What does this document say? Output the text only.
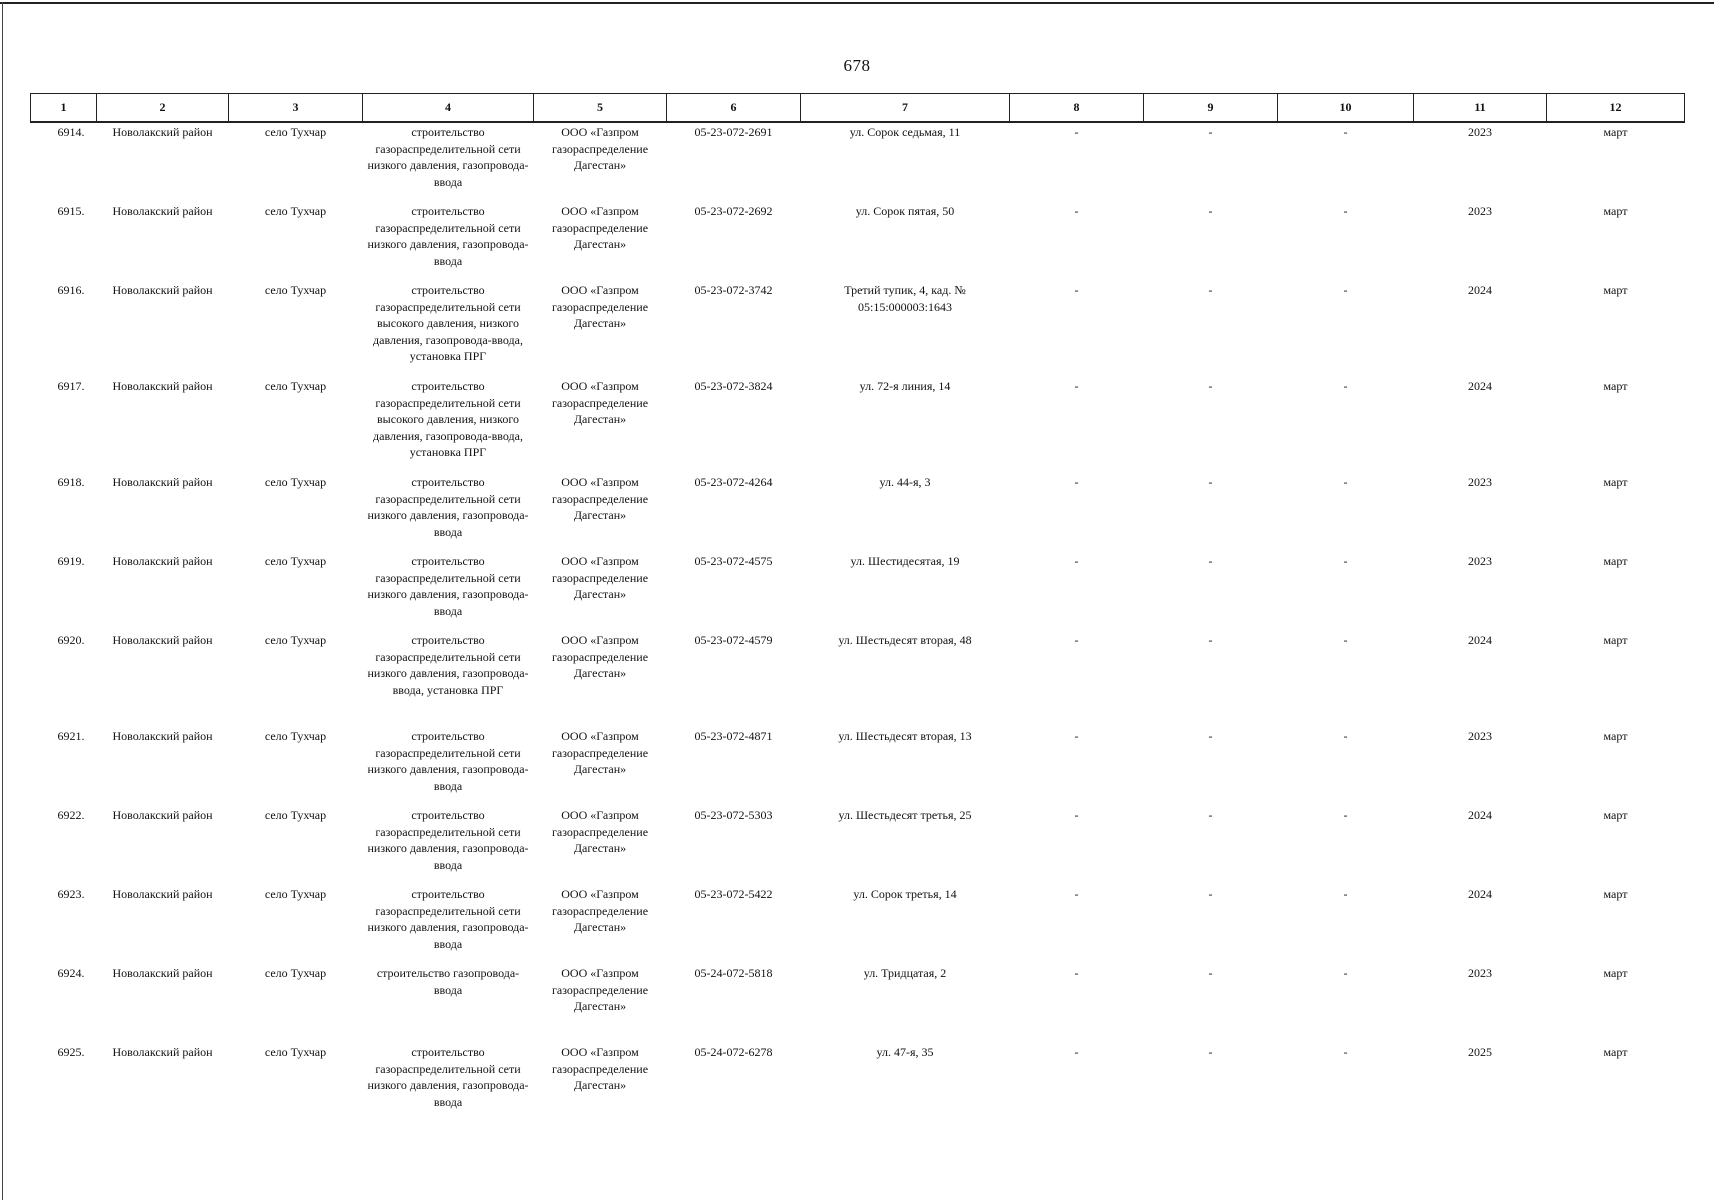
678
1	2	3	4	5	6	7	8	9	10	11	12
6914.	Новолакский район	село Тухчар	строительство газораспределительной сети низкого давления, газопровода-ввода	ООО «Газпром газораспределение Дагестан»	05-23-072-2691	ул. Сорок седьмая, 11	-	-	-	2023	март
6915.	Новолакский район	село Тухчар	строительство газораспределительной сети низкого давления, газопровода-ввода	ООО «Газпром газораспределение Дагестан»	05-23-072-2692	ул. Сорок пятая, 50	-	-	-	2023	март
6916.	Новолакский район	село Тухчар	строительство газораспределительной сети высокого давления, низкого давления, газопровода-ввода, установка ПРГ	ООО «Газпром газораспределение Дагестан»	05-23-072-3742	Третий тупик, 4, кад. № 05:15:000003:1643	-	-	-	2024	март
6917.	Новолакский район	село Тухчар	строительство газораспределительной сети высокого давления, низкого давления, газопровода-ввода, установка ПРГ	ООО «Газпром газораспределение Дагестан»	05-23-072-3824	ул. 72-я линия, 14	-	-	-	2024	март
6918.	Новолакский район	село Тухчар	строительство газораспределительной сети низкого давления, газопровода-ввода	ООО «Газпром газораспределение Дагестан»	05-23-072-4264	ул. 44-я, 3	-	-	-	2023	март
6919.	Новолакский район	село Тухчар	строительство газораспределительной сети низкого давления, газопровода-ввода	ООО «Газпром газораспределение Дагестан»	05-23-072-4575	ул. Шестидесятая, 19	-	-	-	2023	март
6920.	Новолакский район	село Тухчар	строительство газораспределительной сети низкого давления, газопровода-ввода, установка ПРГ	ООО «Газпром газораспределение Дагестан»	05-23-072-4579	ул. Шестьдесят вторая, 48	-	-	-	2024	март
6921.	Новолакский район	село Тухчар	строительство газораспределительной сети низкого давления, газопровода-ввода	ООО «Газпром газораспределение Дагестан»	05-23-072-4871	ул. Шестьдесят вторая, 13	-	-	-	2023	март
6922.	Новолакский район	село Тухчар	строительство газораспределительной сети низкого давления, газопровода-ввода	ООО «Газпром газораспределение Дагестан»	05-23-072-5303	ул. Шестьдесят третья, 25	-	-	-	2024	март
6923.	Новолакский район	село Тухчар	строительство газораспределительной сети низкого давления, газопровода-ввода	ООО «Газпром газораспределение Дагестан»	05-23-072-5422	ул. Сорок третья, 14	-	-	-	2024	март
6924.	Новолакский район	село Тухчар	строительство газопровода-ввода	ООО «Газпром газораспределение Дагестан»	05-24-072-5818	ул. Тридцатая, 2	-	-	-	2023	март
6925.	Новолакский район	село Тухчар	строительство газораспределительной сети низкого давления, газопровода-ввода	ООО «Газпром газораспределение Дагестан»	05-24-072-6278	ул. 47-я, 35	-	-	-	2025	март
